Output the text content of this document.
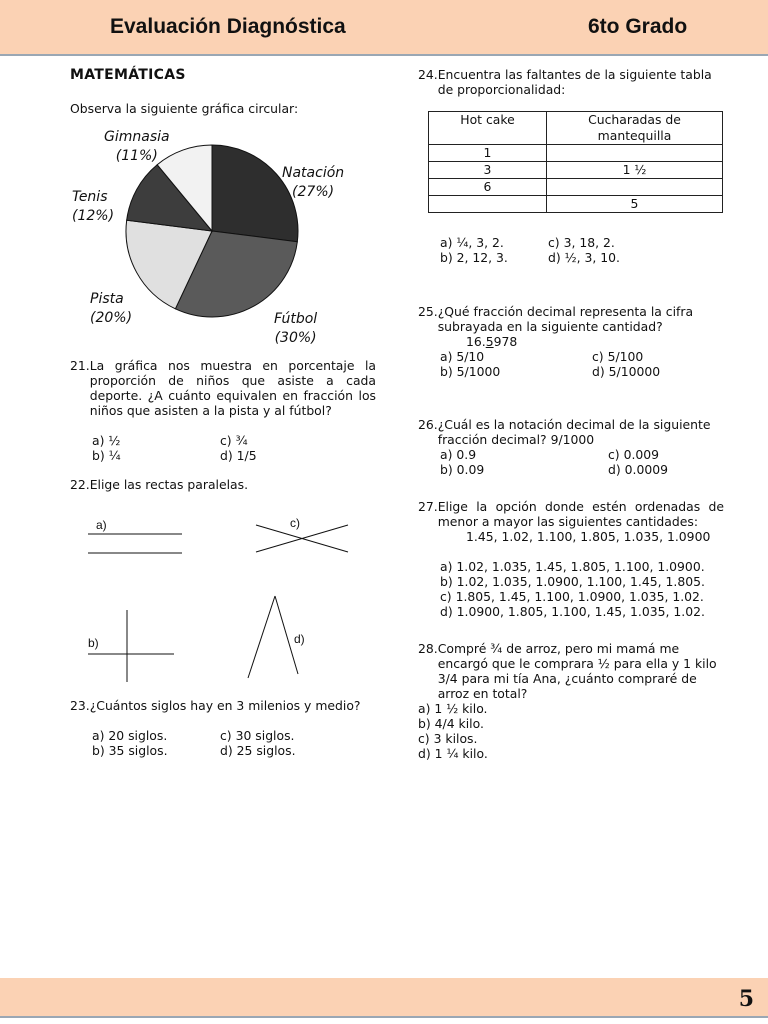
Evaluación Diagnóstica	6to Grado
MATEMÁTICAS
Observa la siguiente gráfica circular:
Gimnasia
(11%)
Natación
(27%)
Tenis
(12%)
Pista
(20%)	Fútbol
(30%)
21. La gráfica nos muestra en porcentaje la proporción de niños que asiste a cada deporte. ¿A cuánto equivalen en fracción los niños que asisten a la pista y al fútbol?
a) ½	c) ¾
b) ¼	d) 1/5
22. Elige las rectas paralelas.
a)	c)
b)	d)
23. ¿Cuántos siglos hay en 3 milenios y medio?
a) 20 siglos.	c) 30 siglos.
b) 35 siglos.	d) 25 siglos.
24. Encuentra las faltantes de la siguiente tabla de proporcionalidad:
Hot cake	Cucharadas de mantequilla
1	
3	1 ½
6	
	5
a) ¼, 3, 2.	c) 3, 18, 2.
b) 2, 12, 3.	d) ½, 3, 10.
25. ¿Qué fracción decimal representa la cifra subrayada en la siguiente cantidad?
16.5978
a) 5/10	c) 5/100
b) 5/1000	d) 5/10000
26. ¿Cuál es la notación decimal de la siguiente fracción decimal? 9/1000
a) 0.9	c) 0.009
b) 0.09	d) 0.0009
27. Elige la opción donde estén ordenadas de menor a mayor las siguientes cantidades:
1.45, 1.02, 1.100, 1.805, 1.035, 1.0900
a) 1.02, 1.035, 1.45, 1.805, 1.100, 1.0900.
b) 1.02, 1.035, 1.0900, 1.100, 1.45, 1.805.
c) 1.805, 1.45, 1.100, 1.0900, 1.035, 1.02.
d) 1.0900, 1.805, 1.100, 1.45, 1.035, 1.02.
28. Compré ¾ de arroz, pero mi mamá me encargó que le comprara ½ para ella y 1 kilo 3/4 para mi tía Ana, ¿cuánto compraré de arroz en total?
a) 1 ½ kilo.
b) 4/4 kilo.
c) 3 kilos.
d) 1 ¼ kilo.
5
